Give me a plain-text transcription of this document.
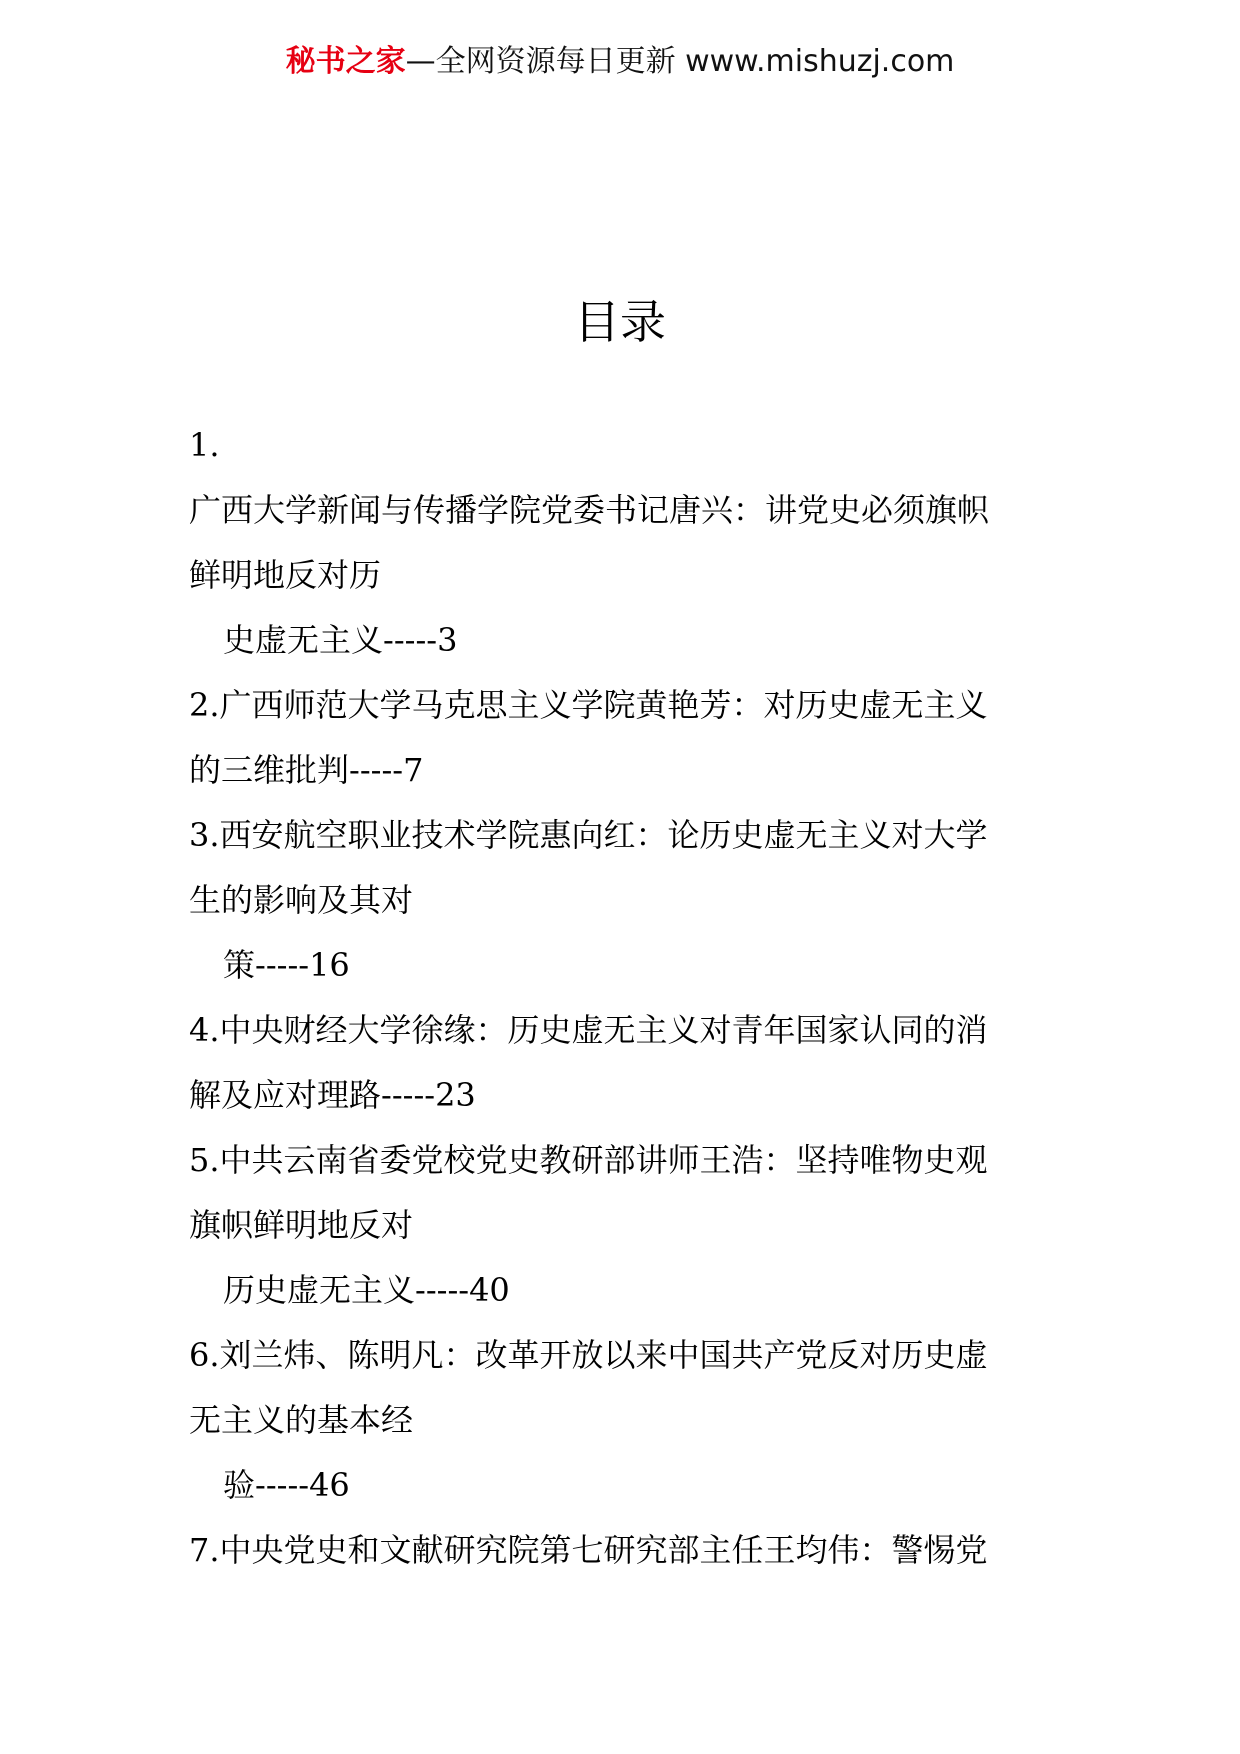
秘书之家—全网资源每日更新 www.mishuzj.com
目录
1.
广西大学新闻与传播学院党委书记唐兴：讲党史必须旗帜
鲜明地反对历
史虚无主义-----3
2.广西师范大学马克思主义学院黄艳芳：对历史虚无主义
的三维批判-----7
3.西安航空职业技术学院惠向红：论历史虚无主义对大学
生的影响及其对
策-----16
4.中央财经大学徐缘：历史虚无主义对青年国家认同的消
解及应对理路-----23
5.中共云南省委党校党史教研部讲师王浩：坚持唯物史观
旗帜鲜明地反对
历史虚无主义-----40
6.刘兰炜、陈明凡：改革开放以来中国共产党反对历史虚
无主义的基本经
验-----46
7.中央党史和文献研究院第七研究部主任王均伟：警惕党
